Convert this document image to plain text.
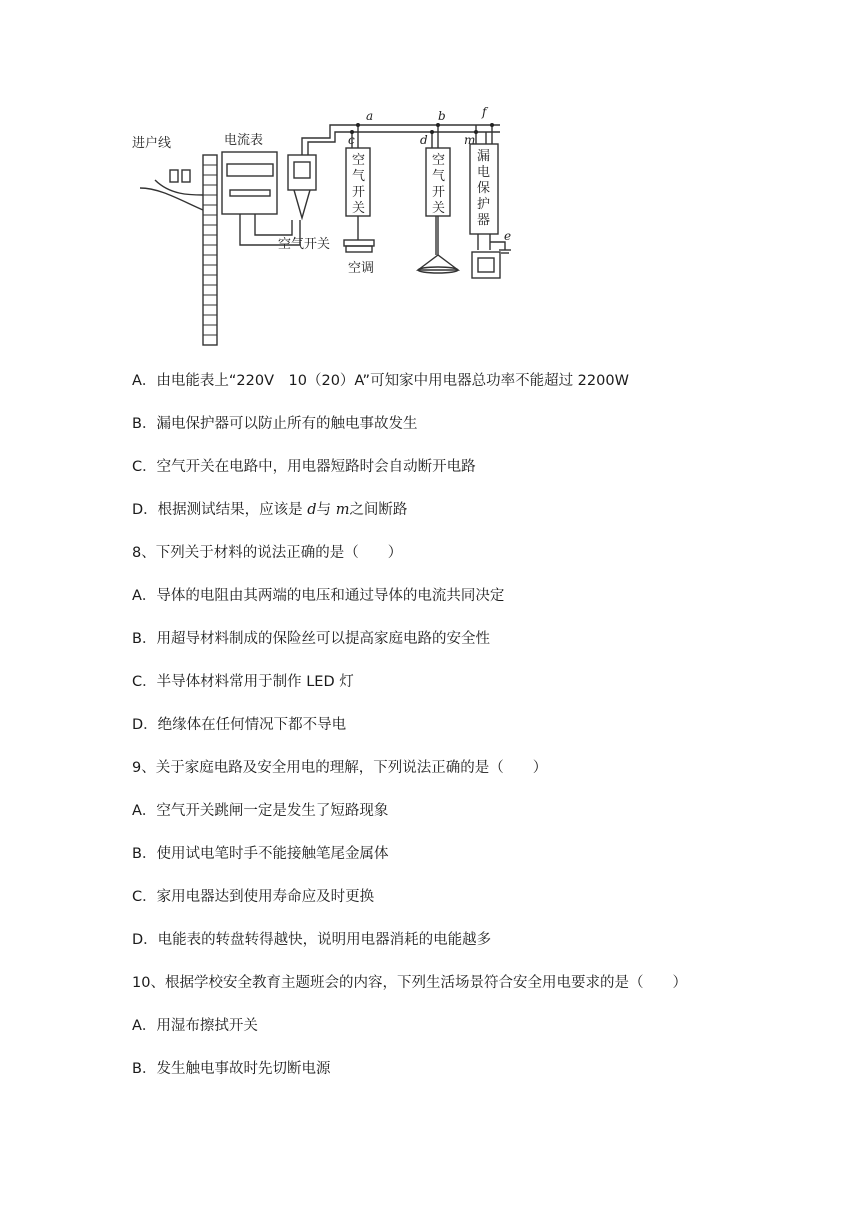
进户线	电流表
空气开关
空调
空
气
开
关
空
气
开
关
漏
电
保
护
器
a
c
b
d
f
m
e
A．由电能表上“220V　10（20）A”可知家中用电器总功率不能超过 2200W
B．漏电保护器可以防止所有的触电事故发生
C．空气开关在电路中，用电器短路时会自动断开电路
D．根据测试结果，应该是 d与 m之间断路
8、下列关于材料的说法正确的是（　　）
A．导体的电阻由其两端的电压和通过导体的电流共同决定
B．用超导材料制成的保险丝可以提高家庭电路的安全性
C．半导体材料常用于制作 LED 灯
D．绝缘体在任何情况下都不导电
9、关于家庭电路及安全用电的理解，下列说法正确的是（　　）
A．空气开关跳闸一定是发生了短路现象
B．使用试电笔时手不能接触笔尾金属体
C．家用电器达到使用寿命应及时更换
D．电能表的转盘转得越快，说明用电器消耗的电能越多
10、根据学校安全教育主题班会的内容，下列生活场景符合安全用电要求的是（　　）
A．用湿布擦拭开关
B．发生触电事故时先切断电源
